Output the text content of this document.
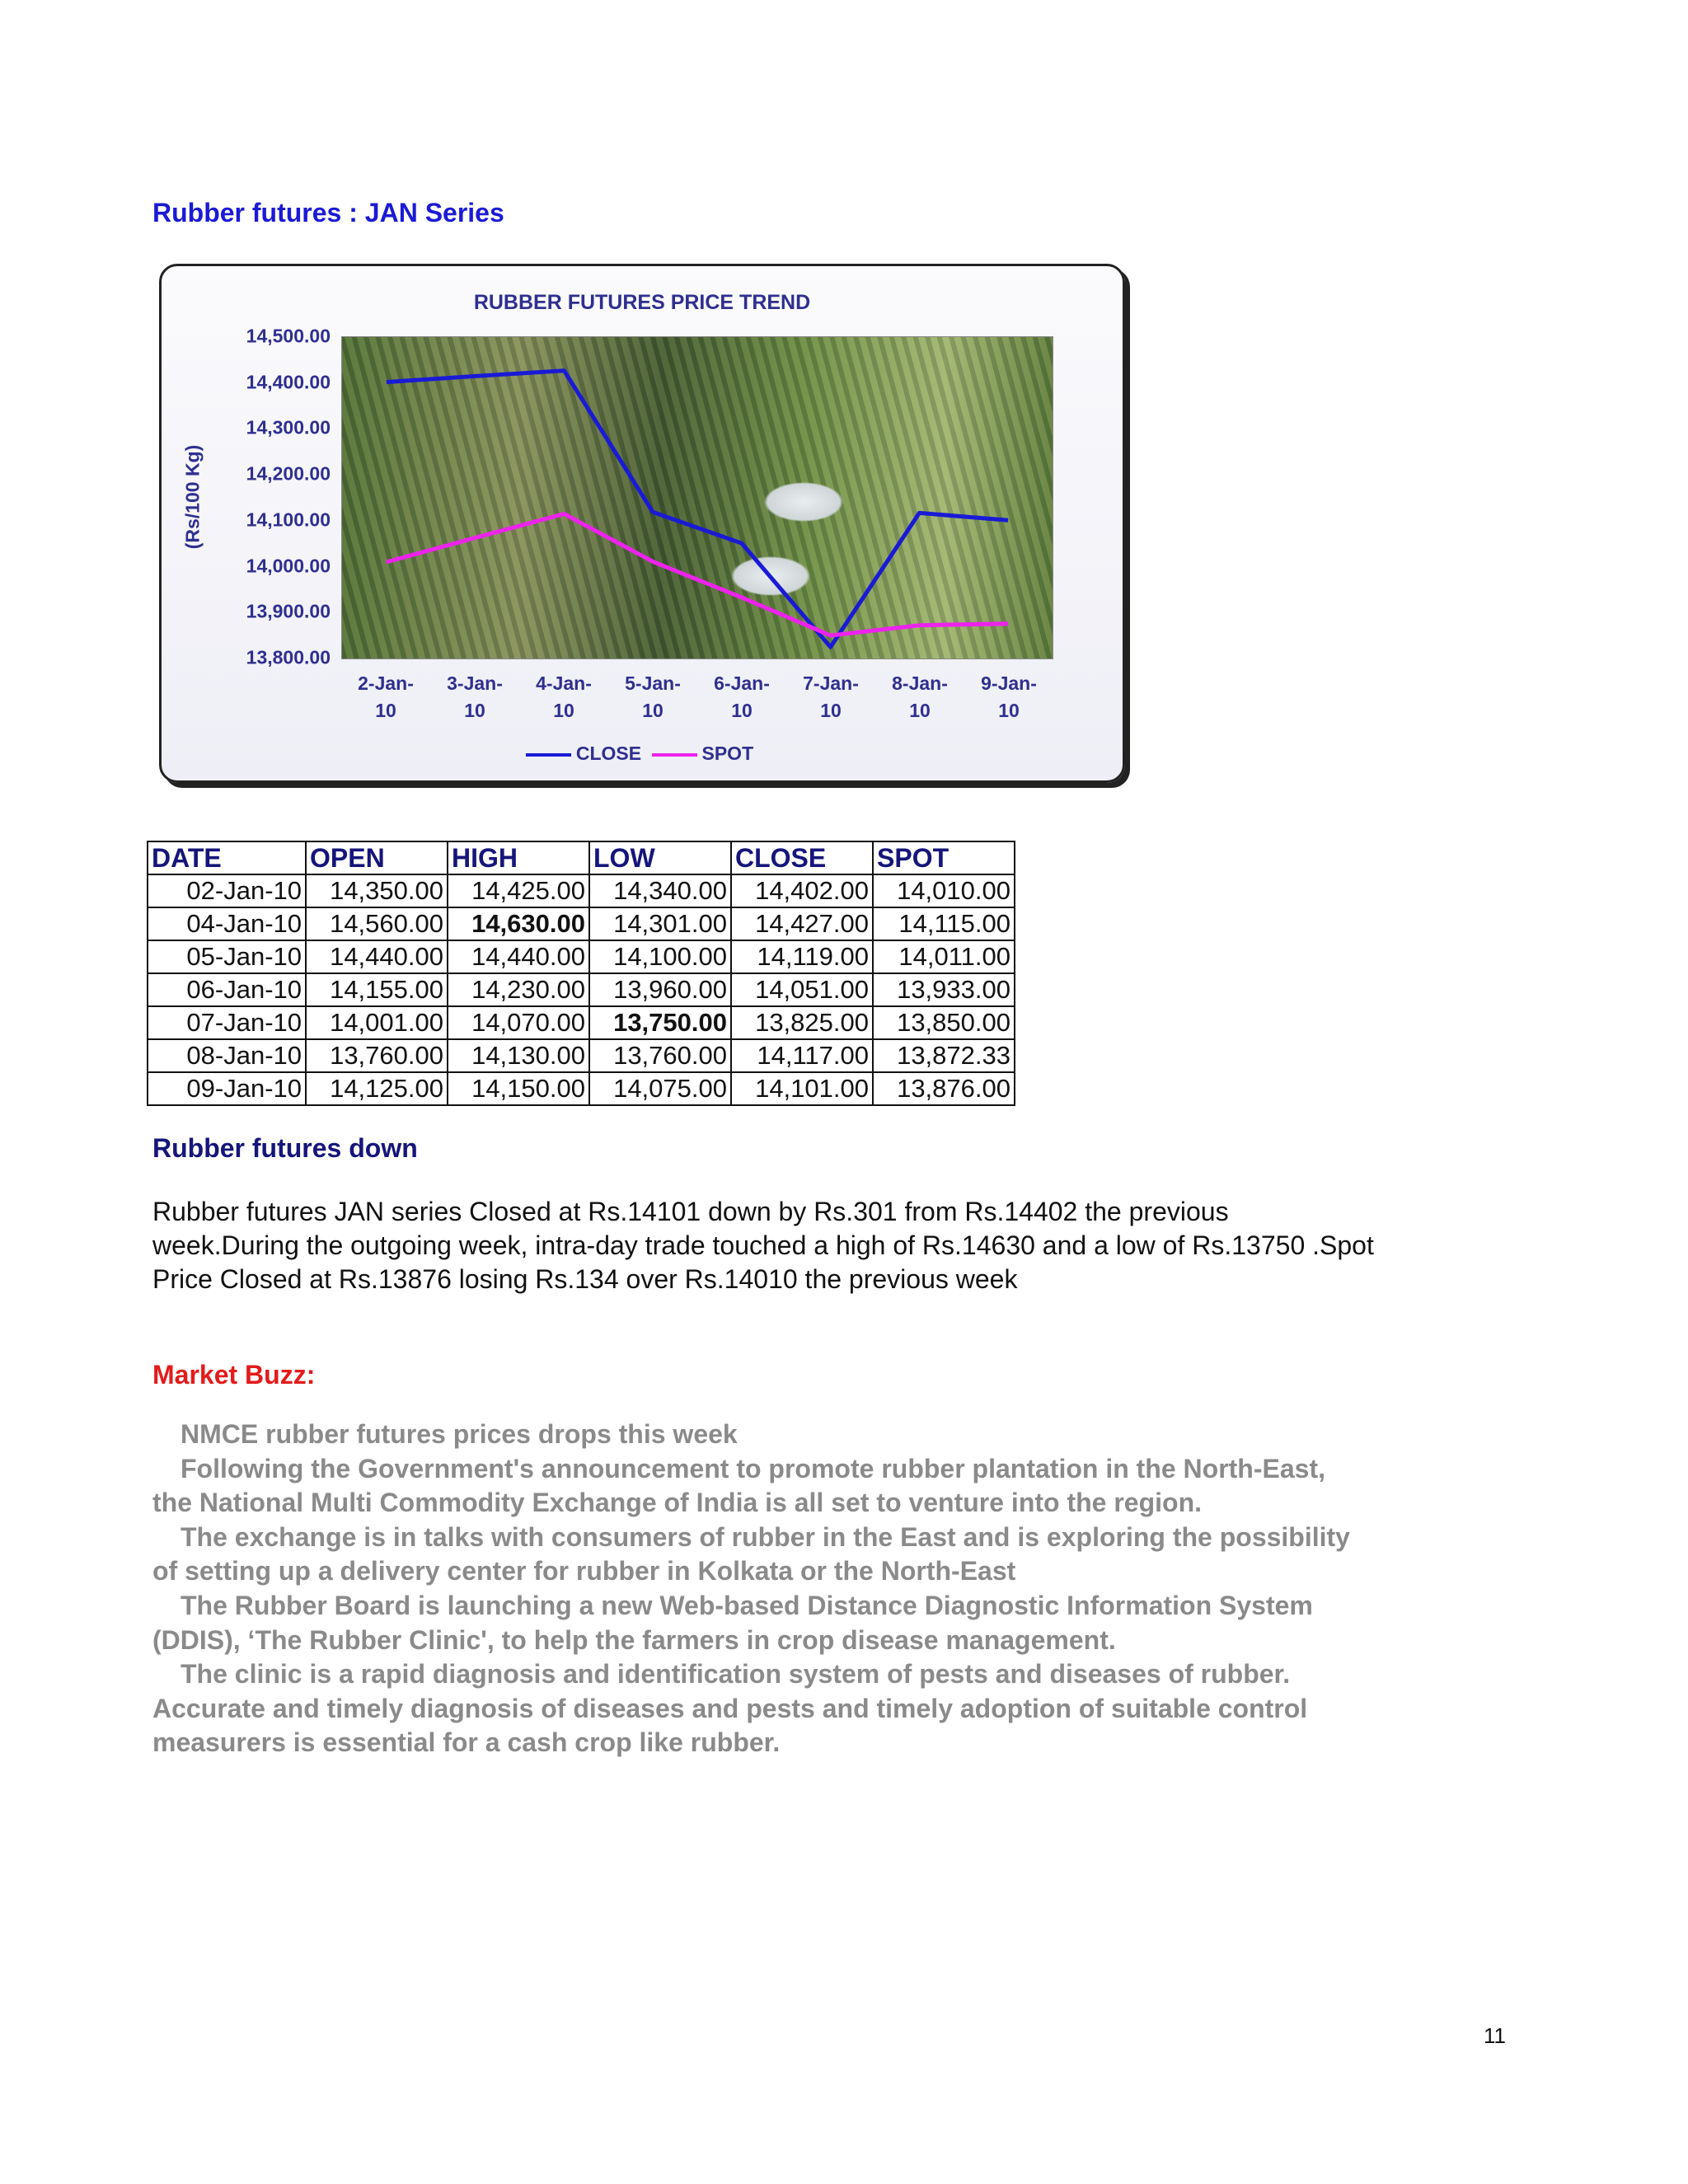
Rubber futures : JAN Series
RUBBER FUTURES PRICE TREND
(Rs/100 Kg)
14,500.00
14,400.00
14,300.00
14,200.00
14,100.00
14,000.00
13,900.00
13,800.00
2-Jan-
10
3-Jan-
10
4-Jan-
10
5-Jan-
10
6-Jan-
10
7-Jan-
10
8-Jan-
10
9-Jan-
10
CLOSE	SPOT
DATE	OPEN	HIGH	LOW	CLOSE	SPOT
02-Jan-10	14,350.00	14,425.00	14,340.00	14,402.00	14,010.00
04-Jan-10	14,560.00	14,630.00	14,301.00	14,427.00	14,115.00
05-Jan-10	14,440.00	14,440.00	14,100.00	14,119.00	14,011.00
06-Jan-10	14,155.00	14,230.00	13,960.00	14,051.00	13,933.00
07-Jan-10	14,001.00	14,070.00	13,750.00	13,825.00	13,850.00
08-Jan-10	13,760.00	14,130.00	13,760.00	14,117.00	13,872.33
09-Jan-10	14,125.00	14,150.00	14,075.00	14,101.00	13,876.00
Rubber futures down
Rubber futures JAN series Closed at Rs.14101 down by Rs.301 from Rs.14402 the previous
week.During the outgoing week, intra-day trade touched a high of Rs.14630 and a low of Rs.13750 .Spot
Price Closed at Rs.13876 losing Rs.134 over Rs.14010 the previous week
Market Buzz:

NMCE rubber futures prices drops this week

Following the Government's announcement to promote rubber plantation in the North-East,

the National Multi Commodity Exchange of India is all set to venture into the region.

The exchange is in talks with consumers of rubber in the East and is exploring the possibility

of setting up a delivery center for rubber in Kolkata or the North-East

The Rubber Board is launching a new Web-based Distance Diagnostic Information System

(DDIS), ‘The Rubber Clinic', to help the farmers in crop disease management.

The clinic is a rapid diagnosis and identification system of pests and diseases of rubber.

Accurate and timely diagnosis of diseases and pests and timely adoption of suitable control

measurers is essential for a cash crop like rubber.

11
